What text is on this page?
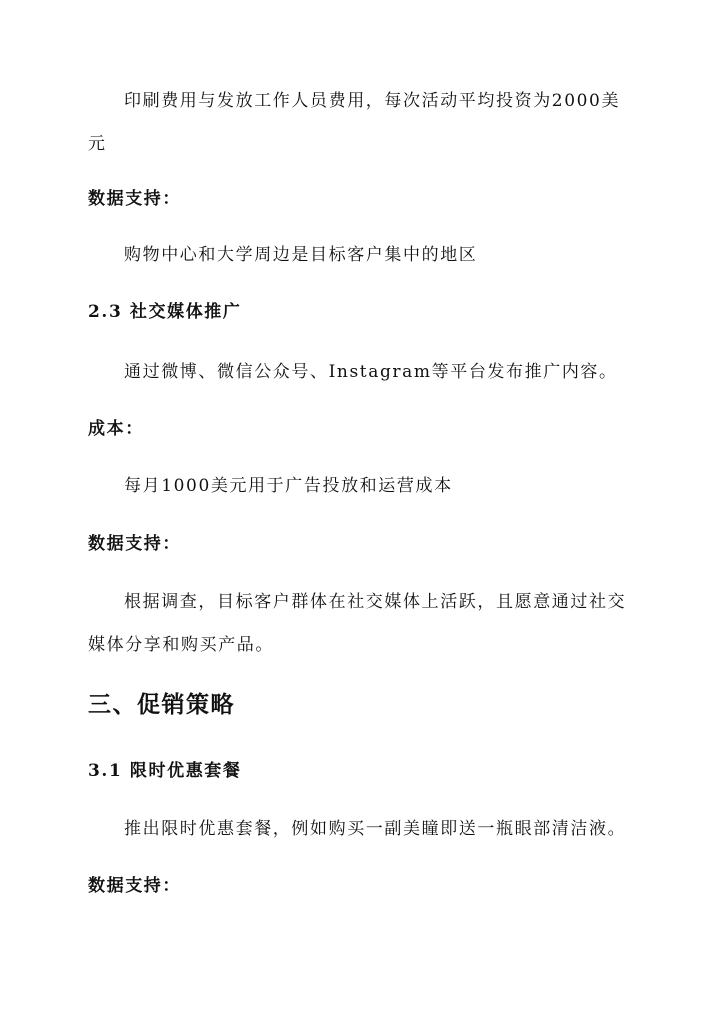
印刷费用与发放工作人员费用，每次活动平均投资为2000美
元
数据支持：
购物中心和大学周边是目标客户集中的地区
2.3 社交媒体推广
通过微博、微信公众号、Instagram等平台发布推广内容。
成本：
每月1000美元用于广告投放和运营成本
数据支持：
根据调查，目标客户群体在社交媒体上活跃，且愿意通过社交
媒体分享和购买产品。
三、促销策略
3.1 限时优惠套餐
推出限时优惠套餐，例如购买一副美瞳即送一瓶眼部清洁液。
数据支持：
